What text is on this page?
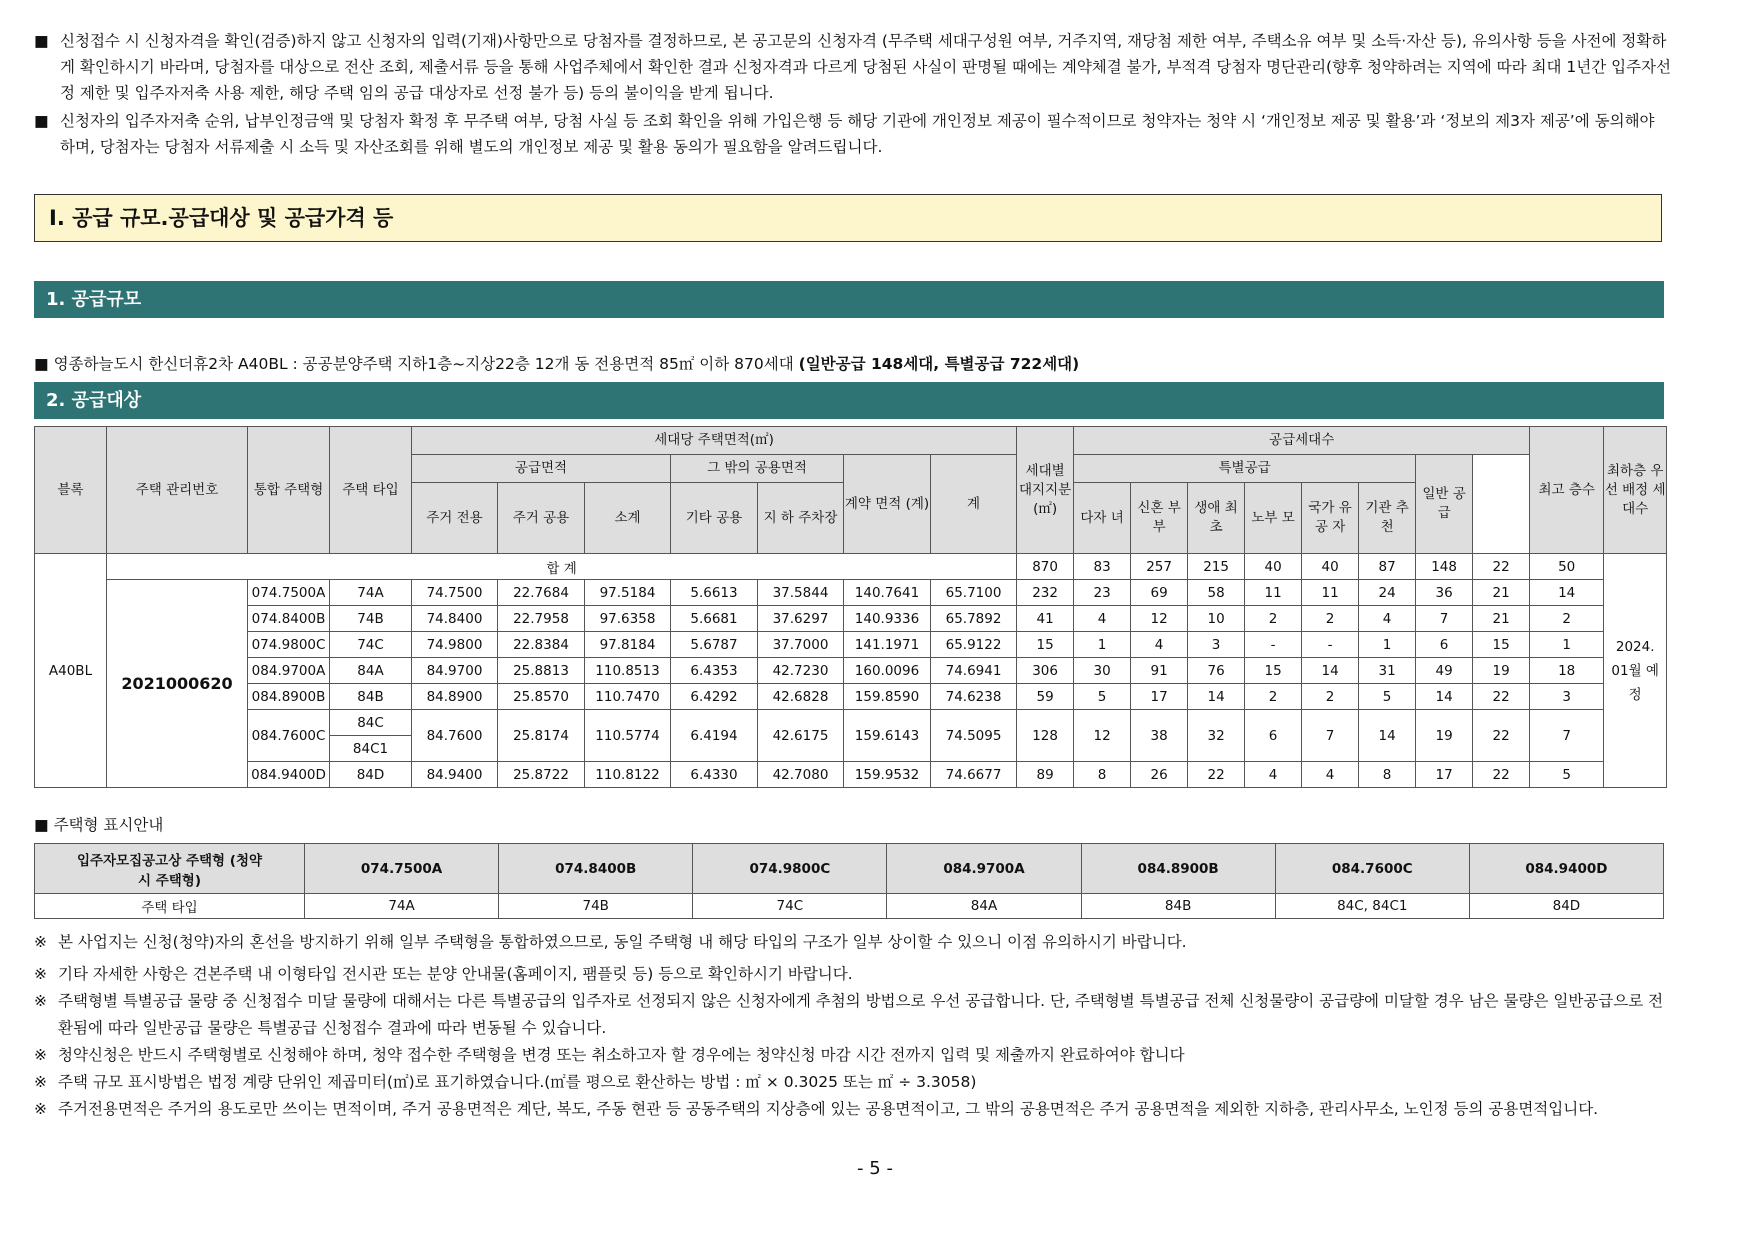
■ 신청접수 시 신청자격을 확인(검증)하지 않고 신청자의 입력(기재)사항만으로 당첨자를 결정하므로, 본 공고문의 신청자격 (무주택 세대구성원 여부, 거주지역, 재당첨 제한 여부, 주택소유 여부 및 소득·자산 등), 유의사항 등을 사전에 정확하게 확인하시기 바라며, 당첨자를 대상으로 전산 조회, 제출서류 등을 통해 사업주체에서 확인한 결과 신청자격과 다르게 당첨된 사실이 판명될 때에는 계약체결 불가, 부적격 당첨자 명단관리(향후 청약하려는 지역에 따라 최대 1년간 입주자선정 제한 및 입주자저축 사용 제한, 해당 주택 임의 공급 대상자로 선정 불가 등) 등의 불이익을 받게 됩니다.
■ 신청자의 입주자저축 순위, 납부인정금액 및 당첨자 확정 후 무주택 여부, 당첨 사실 등 조회 확인을 위해 가입은행 등 해당 기관에 개인정보 제공이 필수적이므로 청약자는 청약 시 ‘개인정보 제공 및 활용’과 ‘정보의 제3자 제공’에 동의해야 하며, 당첨자는 당첨자 서류제출 시 소득 및 자산조회를 위해 별도의 개인정보 제공 및 활용 동의가 필요함을 알려드립니다.
Ⅰ. 공급 규모.공급대상 및 공급가격 등
1. 공급규모
■ 영종하늘도시 한신더휴2차 A40BL : 공공분양주택 지하1층~지상22층 12개 동 전용면적 85㎡ 이하 870세대 (일반공급 148세대, 특별공급 722세대)
2. 공급대상
블록	주택 관리번호	통합 주택형	주택 타입	세대당 주택면적(㎡)							세대별 대지지분 (㎡)	공급세대수								최고 층수	최하층 우선 배정 세대수	
				공급면적			그 밖의 공용면적		계약 면적 (계)	계		특별공급						일반 공급				
				주거 전용	주거 공용	소계	기타 공용	지 하 주차장				다자 녀	신혼 부부	생애 최초	노부 모	국가 유공 자	기관 추천					
A40BL	합 계										870	83	257	215	40	40	87	148	22	50	2024. 01월 예정	
	2021000620	074.7500A	74A	74.7500	22.7684	97.5184	5.6613	37.5844	140.7641	65.7100	232	23	69	58	11	11	24	36	21	14		
		074.8400B	74B	74.8400	22.7958	97.6358	5.6681	37.6297	140.9336	65.7892	41	4	12	10	2	2	4	7	21	2		
		074.9800C	74C	74.9800	22.8384	97.8184	5.6787	37.7000	141.1971	65.9122	15	1	4	3	-	-	1	6	15	1		
		084.9700A	84A	84.9700	25.8813	110.8513	6.4353	42.7230	160.0096	74.6941	306	30	91	76	15	14	31	49	19	18		
		084.8900B	84B	84.8900	25.8570	110.7470	6.4292	42.6828	159.8590	74.6238	59	5	17	14	2	2	5	14	22	3		
		084.7600C	84C	84.7600	25.8174	110.5774	6.4194	42.6175	159.6143	74.5095	128	12	38	32	6	7	14	19	22	7		
			84C1																			
		084.9400D	84D	84.9400	25.8722	110.8122	6.4330	42.7080	159.9532	74.6677	89	8	26	22	4	4	8	17	22	5		
■ 주택형 표시안내
입주자모집공고상 주택형 (청약시 주택형)	074.7500A	074.8400B	074.9800C	084.9700A	084.8900B	084.7600C	084.9400D
주택 타입	74A	74B	74C	84A	84B	84C, 84C1	84D
※ 본 사업지는 신청(청약)자의 혼선을 방지하기 위해 일부 주택형을 통합하였으므로, 동일 주택형 내 해당 타입의 구조가 일부 상이할 수 있으니 이점 유의하시기 바랍니다.
※ 기타 자세한 사항은 견본주택 내 이형타입 전시관 또는 분양 안내물(홈페이지, 팸플릿 등) 등으로 확인하시기 바랍니다.
※ 주택형별 특별공급 물량 중 신청접수 미달 물량에 대해서는 다른 특별공급의 입주자로 선정되지 않은 신청자에게 추첨의 방법으로 우선 공급합니다. 단, 주택형별 특별공급 전체 신청물량이 공급량에 미달할 경우 남은 물량은 일반공급으로 전환됨에 따라 일반공급 물량은 특별공급 신청접수 결과에 따라 변동될 수 있습니다.
※ 청약신청은 반드시 주택형별로 신청해야 하며, 청약 접수한 주택형을 변경 또는 취소하고자 할 경우에는 청약신청 마감 시간 전까지 입력 및 제출까지 완료하여야 합니다
※ 주택 규모 표시방법은 법정 계량 단위인 제곱미터(㎡)로 표기하였습니다.(㎡를 평으로 환산하는 방법 : ㎡ × 0.3025 또는 ㎡ ÷ 3.3058)
※ 주거전용면적은 주거의 용도로만 쓰이는 면적이며, 주거 공용면적은 계단, 복도, 주동 현관 등 공동주택의 지상층에 있는 공용면적이고, 그 밖의 공용면적은 주거 공용면적을 제외한 지하층, 관리사무소, 노인정 등의 공용면적입니다.
- 5 -
